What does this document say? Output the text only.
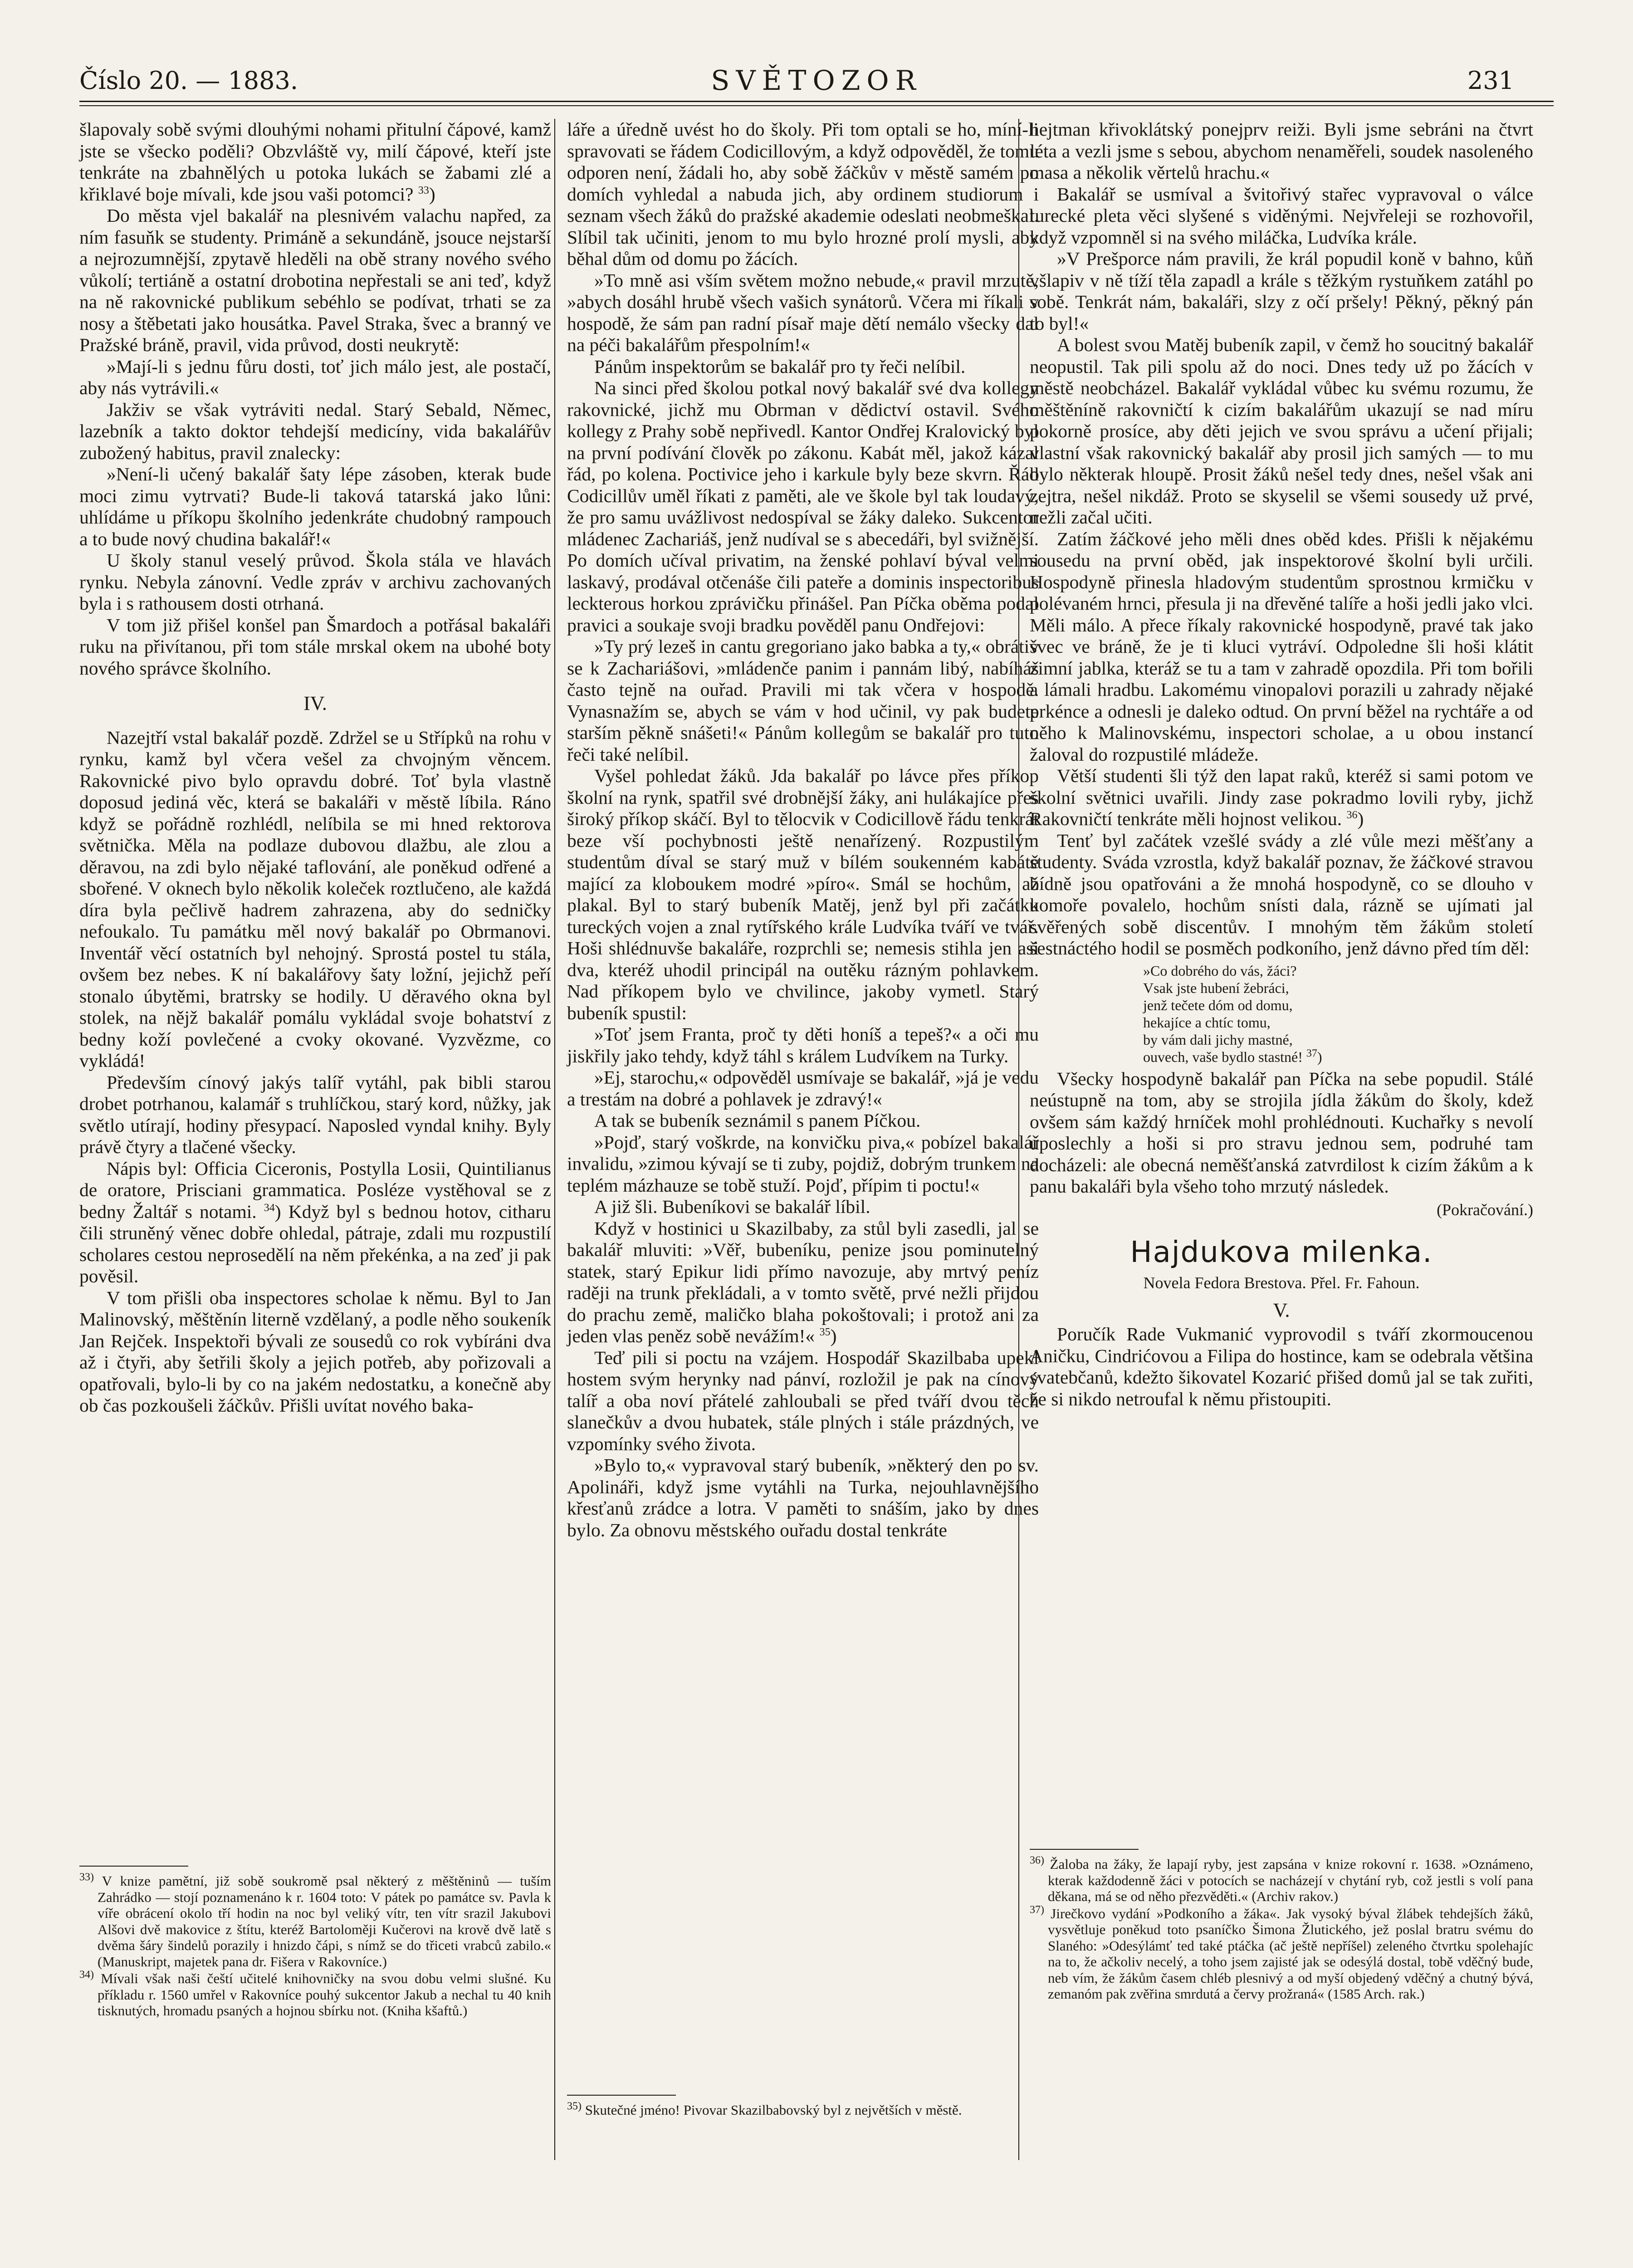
Číslo 20. — 1883.	SVĚTOZOR	231

šlapovaly sobě svými dlouhými nohami přitulní čápové, kamž jste se všecko poděli? Obzvláště vy, milí čápové, kteří jste tenkráte na zbahnělých u potoka lukách se žabami zlé a křiklavé boje mívali, kde jsou vaši potomci? $^{33}$)

Do města vjel bakalář na plesnivém valachu napřed, za ním fasuňk se studenty. Primáně a sekundáně, jsouce nejstarší a nejrozumnější, zpytavě hleděli na obě strany nového svého vůkolí; tertiáně a ostatní drobotina nepřestali se ani teď, když na ně rakovnické publikum sebéhlo se podívat, trhati se za nosy a štěbetati jako housátka. Pavel Straka, švec a branný ve Pražské bráně, pravil, vida průvod, dosti neukrytě:

»Mají-li s jednu fůru dosti, toť jich málo jest, ale postačí, aby nás vytrávili.«

Jakživ se však vytráviti nedal. Starý Sebald, Němec, lazebník a takto doktor tehdejší medicíny, vida bakalářův zubožený habitus, pravil znalecky:

»Není-li učený bakalář šaty lépe zásoben, kterak bude moci zimu vytrvati? Bude-li taková tatarská jako lůni: uhlídáme u příkopu školního jedenkráte chudobný rampouch a to bude nový chudina bakalář!«

U školy stanul veselý průvod. Škola stála ve hlavách rynku. Nebyla zánovní. Vedle zpráv v archivu zachovaných byla i s rathousem dosti otrhaná.

V tom již přišel konšel pan Šmardoch a potřásal bakaláři ruku na přivítanou, při tom stále mrskal okem na ubohé boty nového správce školního.

IV.

Nazejtří vstal bakalář pozdě. Zdržel se u Střípků na rohu v rynku, kamž byl včera vešel za chvojným věncem. Rakovnické pivo bylo opravdu dobré. Toť byla vlastně doposud jediná věc, která se bakaláři v městě líbila. Ráno když se pořádně rozhlédl, nelíbila se mi hned rektorova světnička. Měla na podlaze dubovou dlažbu, ale zlou a děravou, na zdi bylo nějaké taflování, ale poněkud odřené a sbořené. V oknech bylo několik koleček roztlučeno, ale každá díra byla pečlivě hadrem zahrazena, aby do sedničky nefoukalo. Tu památku měl nový bakalář po Obrmanovi. Inventář věcí ostatních byl nehojný. Sprostá postel tu stála, ovšem bez nebes. K ní bakalářovy šaty ložní, jejichž peří stonalo úbytěmi, bratrsky se hodily. U děravého okna byl stolek, na nějž bakalář pomálu vykládal svoje bohatství z bedny koží povlečené a cvoky okované. Vyzvězme, co vykládá!

Především cínový jakýs talíř vytáhl, pak bibli starou drobet potrhanou, kalamář s truhlíčkou, starý kord, nůžky, jak světlo utírají, hodiny přesypací. Naposled vyndal knihy. Byly právě čtyry a tlačené všecky.

Nápis byl: Officia Ciceronis, Postylla Losii, Quintilianus de oratore, Prisciani grammatica. Posléze vystěhoval se z bedny Žaltář s notami. $^{34}$) Když byl s bednou hotov, citharu čili struněný věnec dobře ohledal, pátraje, zdali mu rozpustilí scholares cestou neprosedělí na něm překénka, a na zeď ji pak pověsil.

V tom přišli oba inspectores scholae k němu. Byl to Jan Malinovský, měštěnín literně vzdělaný, a podle něho soukeník Jan Rejček. Inspektoři bývali ze sousedů co rok vybíráni dva až i čtyři, aby šetřili školy a jejich potřeb, aby pořizovali a opatřovali, bylo-li by co na jakém nedostatku, a konečně aby ob čas pozkoušeli žáčkův. Přišli uvítat nového baka-

$^{33)}$ V knize pamětní, již sobě soukromě psal některý z měštěninů — tuším Zahrádko — stojí poznamenáno k r. 1604 toto: V pátek po památce sv. Pavla k víře obrácení okolo tří hodin na noc byl veliký vítr, ten vítr srazil Jakubovi Alšovi dvě makovice z štítu, kteréž Bartoloměji Kučerovi na krově dvě latě s dvěma šáry šindelů porazily i hnizdo čápi, s nímž se do třiceti vrabců zabilo.« (Manuskript, majetek pana dr. Fišera v Rakovníce.)

$^{34)}$ Mívali však naši čeští učitelé knihovničky na svou dobu velmi slušné. Ku příkladu r. 1560 umřel v Rakovníce pouhý sukcentor Jakub a nechal tu 40 knih tisknutých, hromadu psaných a hojnou sbírku not. (Kniha kšaftů.)

láře a úředně uvést ho do školy. Při tom optali se ho, míní-li spravovati se řádem Codicillovým, a když odpověděl, že tomu odporen není, žádali ho, aby sobě žáčkův v městě samém po domích vyhledal a nabuda jich, aby ordinem studiorum i seznam všech žáků do pražské akademie odeslati neobmeškal. Slíbil tak učiniti, jenom to mu bylo hrozné prolí mysli, aby běhal dům od domu po žácích.

»To mně asi vším světem možno nebude,« pravil mrzutě, »abych dosáhl hrubě všech vašich synátorů. Včera mi říkali v hospodě, že sám pan radní písař maje dětí nemálo všecky dal na péči bakalářům přespolním!«

Pánům inspektorům se bakalář pro ty řeči nelíbil.

Na sinci před školou potkal nový bakalář své dva kollegy rakovnické, jichž mu Obrman v dědictví ostavil. Svého kollegy z Prahy sobě nepřivedl. Kantor Ondřej Kralovický byl na první podívání člověk po zákonu. Kabát měl, jakož kázal řád, po kolena. Poctivice jeho i karkule byly beze skvrn. Řád Codicillův uměl říkati z paměti, ale ve škole byl tak loudavý, že pro samu uvážlivost nedospíval se žáky daleko. Sukcentor mládenec Zachariáš, jenž nudíval se s abecedáři, byl svižnější. Po domích učíval privatim, na ženské pohlaví býval velmi laskavý, prodával otčenáše čili pateře a dominis inspectoribus leckterous horkou zprávičku přinášel. Pan Píčka oběma podal pravici a soukaje svoji bradku pověděl panu Ondřejovi:

»Ty prý lezeš in cantu gregoriano jako babka a ty,« obrátiv se k Zachariášovi, »mládenče panim i pannám libý, nabíháš často tejně na ouřad. Pravili mi tak včera v hospodě. Vynasnažím se, abych se vám v hod učinil, vy pak budete starším pěkně snášeti!« Pánům kollegům se bakalář pro tuto řeči také nelíbil.

Vyšel pohledat žáků. Jda bakalář po lávce přes příkop školní na rynk, spatřil své drobnější žáky, ani hulákajíce přes široký příkop skáčí. Byl to tělocvik v Codicillově řádu tenkrát beze vší pochybnosti ještě nenařízený. Rozpustilým studentům díval se starý muž v bílém soukenném kabátě mající za kloboukem modré »píro«. Smál se hochům, až plakal. Byl to starý bubeník Matěj, jenž byl při začátku tureckých vojen a znal rytířského krále Ludvíka tváří ve tvář. Hoši shlédnuvše bakaláře, rozprchli se; nemesis stihla jen asi dva, kteréž uhodil principál na outěku rázným pohlavkem. Nad příkopem bylo ve chvilince, jakoby vymetl. Starý bubeník spustil:

»Toť jsem Franta, proč ty děti honíš a tepeš?« a oči mu jiskřily jako tehdy, když táhl s králem Ludvíkem na Turky.

»Ej, starochu,« odpověděl usmívaje se bakalář, »já je vedu a trestám na dobré a pohlavek je zdravý!«

A tak se bubeník seznámil s panem Píčkou.

»Pojď, starý voškrde, na konvičku piva,« pobízel bakalář invalidu, »zimou kývají se ti zuby, pojdiž, dobrým trunkem na teplém mázhauze se tobě stuží. Pojď, přípim ti poctu!«

A již šli. Bubeníkovi se bakalář líbil.

Když v hostinici u Skazilbaby, za stůl byli zasedli, jal se bakalář mluviti: »Věř, bubeníku, penize jsou pominutelný statek, starý Epikur lidi přímo navozuje, aby mrtvý peníz raději na trunk překládali, a v tomto světě, prvé nežli přijdou do prachu země, maličko blaha pokoštovali; i protož ani za jeden vlas peněz sobě nevážím!« $^{35}$)

Teď pili si poctu na vzájem. Hospodář Skazilbaba upekl hostem svým herynky nad pánví, rozložil je pak na cínový talíř a oba noví přátelé zahloubali se před tváří dvou těch slanečkův a dvou hubatek, stále plných i stále prázdných, ve vzpomínky svého života.

»Bylo to,« vypravoval starý bubeník, »některý den po sv. Apolináři, když jsme vytáhli na Turka, nejouhlavnějšího křesťanů zrádce a lotra. V paměti to snáším, jako by dnes bylo. Za obnovu městského ouřadu dostal tenkráte

$^{35)}$ Skutečné jméno! Pivovar Skazilbabovský byl z největších v městě.

hejtman křivoklátský ponejprv reiži. Byli jsme sebráni na čtvrt léta a vezli jsme s sebou, abychom nenaměřeli, soudek nasoleného masa a několik věrtelů hrachu.«

Bakalář se usmíval a švitořivý stařec vypravoval o válce turecké pleta věci slyšené s viděnými. Nejvřeleji se rozhovořil, když vzpomněl si na svého miláčka, Ludvíka krále.

»V Prešporce nám pravili, že král popudil koně v bahno, kůň všlapiv v ně tíží těla zapadl a krále s těžkým rystuňkem zatáhl po sobě. Tenkrát nám, bakaláři, slzy z očí pršely! Pěkný, pěkný pán to byl!«

A bolest svou Matěj bubeník zapil, v čemž ho soucitný bakalář neopustil. Tak pili spolu až do noci. Dnes tedy už po žácích v městě neobcházel. Bakalář vykládal vůbec ku svému rozumu, že měštěníně rakovničtí k cizím bakalářům ukazují se nad míru pokorně prosíce, aby děti jejich ve svou správu a učení přijali; vlastní však rakovnický bakalář aby prosil jich samých — to mu bylo některak hloupě. Prosit žáků nešel tedy dnes, nešel však ani zejtra, nešel nikdáž. Proto se skyselil se všemi sousedy už prvé, nežli začal učiti.

Zatím žáčkové jeho měli dnes oběd kdes. Přišli k nějakému sousedu na první oběd, jak inspektorové školní byli určili. Hospodyně přinesla hladovým studentům sprostnou krmičku v polévaném hrnci, přesula ji na dřevěné talíře a hoši jedli jako vlci. Měli málo. A přece říkaly rakovnické hospodyně, pravé tak jako švec ve bráně, že je ti kluci vytráví. Odpoledne šli hoši klátit zimní jablka, kteráž se tu a tam v zahradě opozdila. Při tom bořili a lámali hradbu. Lakomému vinopalovi porazili u zahrady nějaké prkénce a odnesli je daleko odtud. On první běžel na rychtáře a od něho k Malinovskému, inspectori scholae, a u obou instancí žaloval do rozpustilé mládeže.

Větší studenti šli týž den lapat raků, kteréž si sami potom ve školní světnici uvařili. Jindy zase pokradmo lovili ryby, jichž Rakovničtí tenkráte měli hojnost velikou. $^{36}$)

Tenť byl začátek vzešlé svády a zlé vůle mezi měšťany a studenty. Sváda vzrostla, když bakalář poznav, že žáčkové stravou bídně jsou opatřováni a že mnohá hospodyně, co se dlouho v komoře povalelo, hochům snísti dala, rázně se ujímati jal svěřených sobě discentův. I mnohým těm žákům století šestnáctého hodil se posměch podkoního, jenž dávno před tím děl:

»Co dobrého do vás, žáci?
Vsak jste hubení žebráci,
jenž tečete dóm od domu,
hekajíce a chtíc tomu,
by vám dali jichy mastné,
ouvech, vaše bydlo stastné! $^{37}$)

Všecky hospodyně bakalář pan Píčka na sebe popudil. Stálé neústupně na tom, aby se strojila jídla žákům do školy, kdež ovšem sám každý hrníček mohl prohlédnouti. Kuchařky s nevolí uposlechly a hoši si pro stravu jednou sem, podruhé tam docházeli: ale obecná neměšťanská zatvrdilost k cizím žákům a k panu bakaláři byla všeho toho mrzutý následek.

(Pokračování.)
Hajdukova milenka.
Novela Fedora Brestova. Přel. Fr. Fahoun.
V.

Poručík Rade Vukmanić vyprovodil s tváří zkormoucenou Aničku, Cindrićovou a Filipa do hostince, kam se odebrala většina svatebčanů, kdežto šikovatel Kozarić přišed domů jal se tak zuřiti, že si nikdo netroufal k němu přistoupiti.

$^{36)}$ Žaloba na žáky, že lapají ryby, jest zapsána v knize rokovní r. 1638. »Oznámeno, kterak každodenně žáci v potocích se nacházejí v chytání ryb, což jestli s volí pana děkana, má se od něho přezvěděti.« (Archiv rakov.)

$^{37)}$ Jirečkovo vydání »Podkoního a žáka«. Jak vysoký býval žlábek tehdejších žáků, vysvětluje poněkud toto psaníčko Šimona Žlutického, jež poslal bratru svému do Slaného: »Odesýlámť ted také ptáčka (ač ještě nepříšel) zeleného čtvrtku spolehajíc na to, že ačkoliv necelý, a toho jsem zajisté jak se odesýlá dostal, tobě vděčný bude, neb vím, že žákům časem chléb plesnivý a od myší objedený vděčný a chutný bývá, zemanóm pak zvěřina smrdutá a červy prožraná« (1585 Arch. rak.)
